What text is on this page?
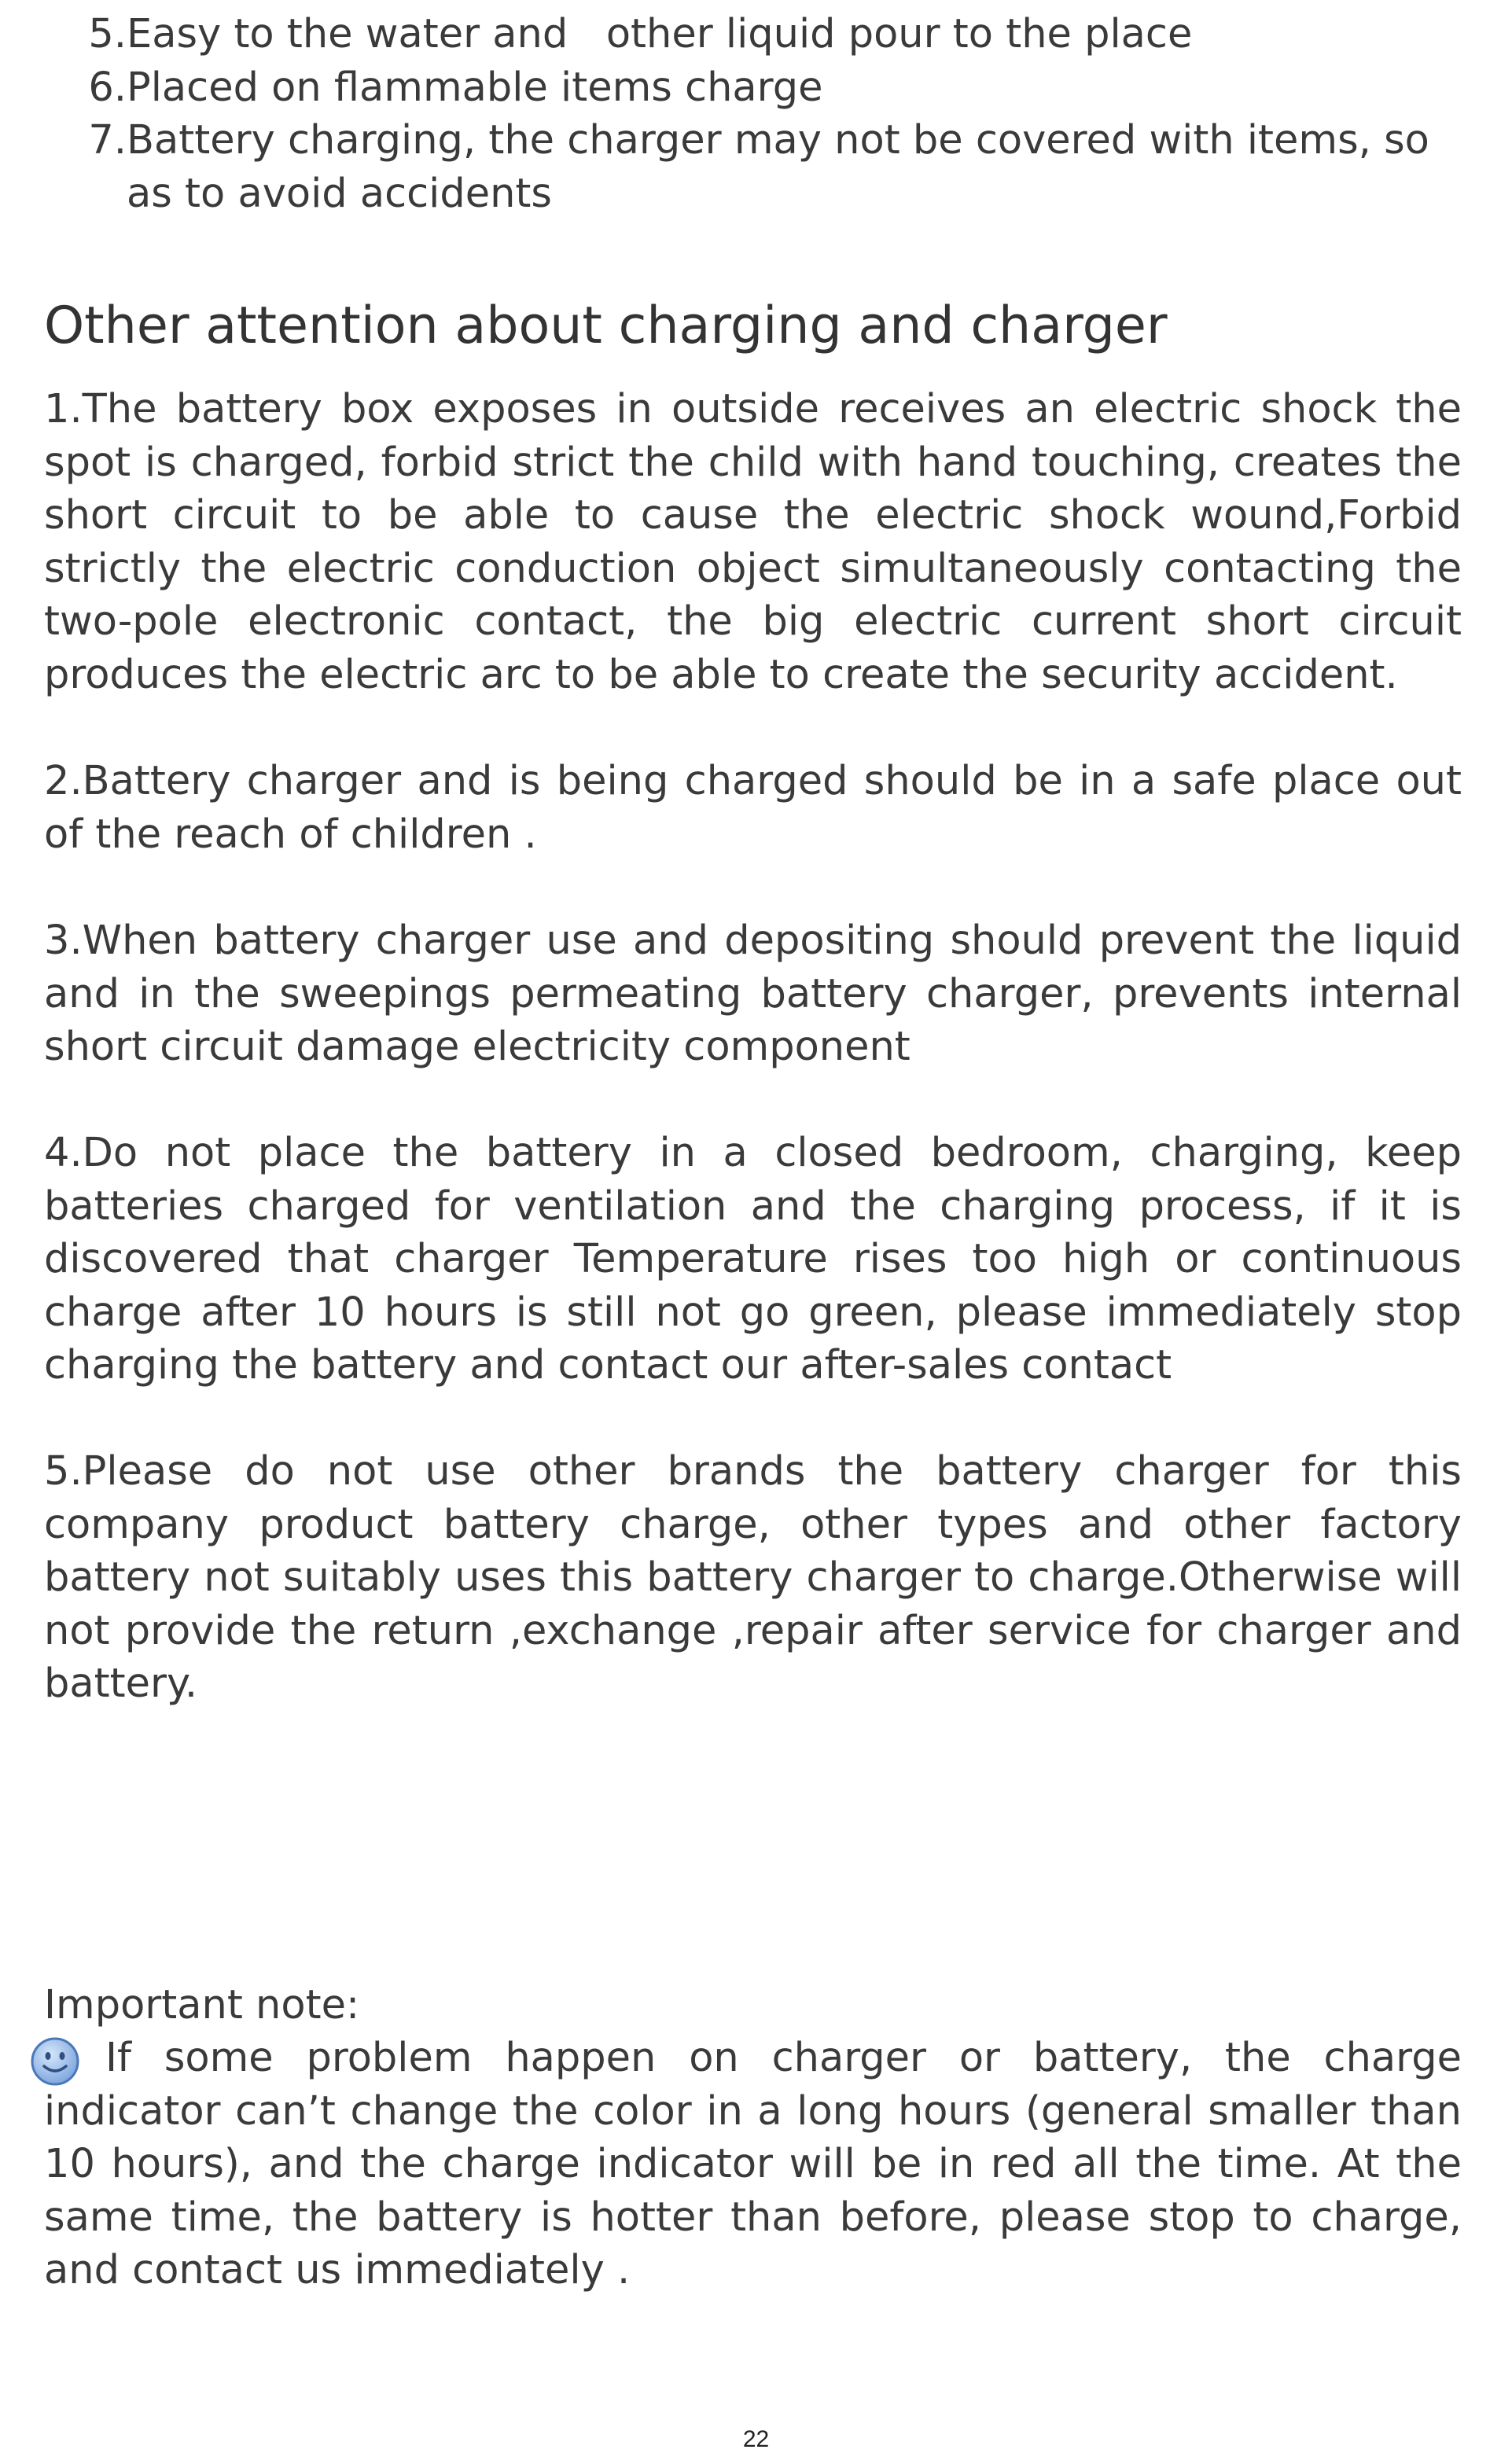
5. Easy to the water and   other liquid pour to the place
6. Placed on flammable items charge
7. Battery charging, the charger may not be covered with items, so as to avoid accidents
Other attention about charging and charger

1.The battery box exposes in outside receives an electric shock the spot is charged, forbid strict the child with hand touching, creates the short circuit to be able to cause the electric shock wound,Forbid strictly the electric conduction object simultaneously contacting the two-pole electronic contact, the big electric current short circuit produces the electric arc to be able to create the security accident.

2.Battery charger and is being charged should be in a safe place out of the reach of children .

3.When battery charger use and depositing should prevent the liquid and in the sweepings permeating battery charger, prevents internal short circuit damage electricity component

4.Do not place the battery in a closed bedroom, charging, keep batteries charged for ventilation and the charging process, if it is discovered that charger Temperature rises too high or continuous charge after 10 hours is still not go green, please immediately stop charging the battery and contact our after-sales contact

5.Please do not use other brands the battery charger for this company product battery charge, other types and other factory battery not suitably uses this battery charger to charge.Otherwise will not provide the return ,exchange ,repair after service for charger and battery.

Important note:

If some problem happen on charger or battery, the charge indicator can’t change the color in a long hours (general smaller than 10 hours), and the charge indicator will be in red all the time. At the same time, the battery is hotter than before, please stop to charge, and contact us immediately .

22
